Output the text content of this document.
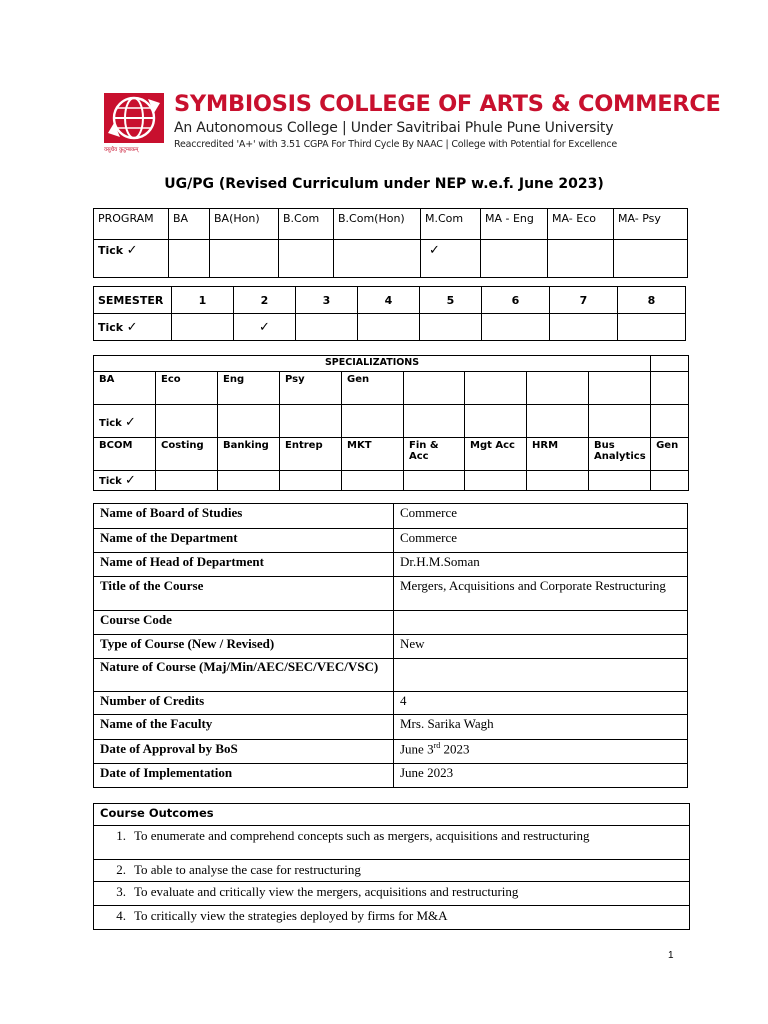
वसुधैव कुटुम्बकम्
SYMBIOSIS COLLEGE OF ARTS & COMMERCE
An Autonomous College | Under Savitribai Phule Pune University
Reaccredited 'A+' with 3.51 CGPA For Third Cycle By NAAC | College with Potential for Excellence
UG/PG (Revised Curriculum under NEP w.e.f. June 2023)
PROGRAM	BA	BA(Hon)	B.Com	B.Com(Hon)	M.Com	MA - Eng	MA- Eco	MA- Psy
Tick ✓					✓			
SEMESTER	1	2	3	4	5	6	7	8
Tick ✓		✓						
SPECIALIZATIONS									
BA	Eco	Eng	Psy	Gen					
Tick ✓									
BCOM	Costing	Banking	Entrep	MKT	Fin & Acc	Mgt Acc	HRM	Bus Analytics	Gen
Tick ✓									
Name of Board of Studies	Commerce
Name of the Department	Commerce
Name of Head of Department	Dr.H.M.Soman
Title of the Course	Mergers, Acquisitions and Corporate Restructuring
Course Code	
Type of Course (New / Revised)	New
Nature of Course (Maj/Min/AEC/SEC/VEC/VSC)	
Number of Credits	4
Name of the Faculty	Mrs. Sarika Wagh
Date of Approval by BoS	June 3rd 2023
Date of Implementation	June 2023
Course Outcomes
1. To enumerate and comprehend concepts such as mergers, acquisitions and restructuring
2. To able to analyse the case for restructuring
3. To evaluate and critically view the mergers, acquisitions and restructuring
4. To critically view the strategies deployed by firms for M&A
1
